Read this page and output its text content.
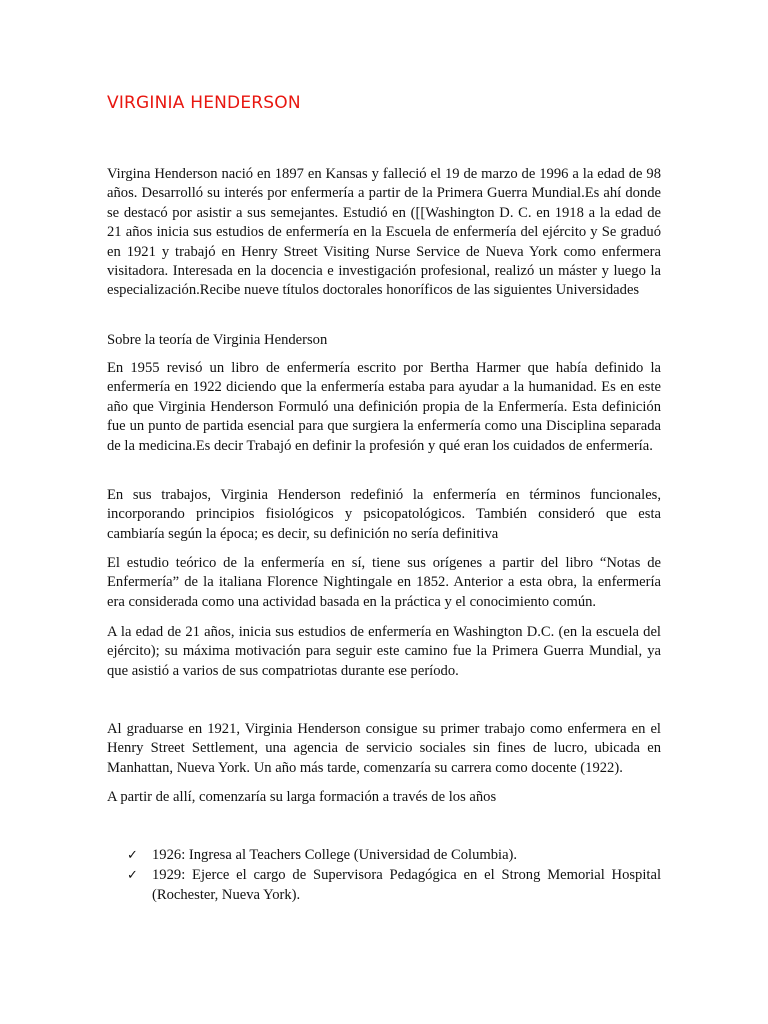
VIRGINIA HENDERSON

Virgina Henderson nació en 1897 en Kansas y falleció el 19 de marzo de 1996 a la edad de 98 años. Desarrolló su interés por enfermería a partir de la Primera Guerra Mundial.Es ahí donde se destacó por asistir a sus semejantes. Estudió en ([[Washington D. C. en 1918 a la edad de 21 años inicia sus estudios de enfermería en la Escuela de enfermería del ejército y Se graduó en 1921 y trabajó en Henry Street Visiting Nurse Service de Nueva York como enfermera visitadora. Interesada en la docencia e investigación profesional, realizó un máster y luego la especialización.Recibe nueve títulos doctorales honoríficos de las siguientes Universidades

Sobre la teoría de Virginia Henderson

En 1955 revisó un libro de enfermería escrito por Bertha Harmer que había definido la enfermería en 1922 diciendo que la enfermería estaba para ayudar a la humanidad. Es en este año que Virginia Henderson Formuló una definición propia de la Enfermería. Esta definición fue un punto de partida esencial para que surgiera la enfermería como una Disciplina separada de la medicina.Es decir Trabajó en definir la profesión y qué eran los cuidados de enfermería.

En sus trabajos, Virginia Henderson redefinió la enfermería en términos funcionales, incorporando principios fisiológicos y psicopatológicos. También consideró que esta cambiaría según la época; es decir, su definición no sería definitiva

El estudio teórico de la enfermería en sí, tiene sus orígenes a partir del libro “Notas de Enfermería” de la italiana Florence Nightingale en 1852. Anterior a esta obra, la enfermería era considerada como una actividad basada en la práctica y el conocimiento común.

A la edad de 21 años, inicia sus estudios de enfermería en Washington D.C. (en la escuela del ejército); su máxima motivación para seguir este camino fue la Primera Guerra Mundial, ya que asistió a varios de sus compatriotas durante ese período.

Al graduarse en 1921, Virginia Henderson consigue su primer trabajo como enfermera en el Henry Street Settlement, una agencia de servicio sociales sin fines de lucro, ubicada en Manhattan, Nueva York. Un año más tarde, comenzaría su carrera como docente (1922).

A partir de allí, comenzaría su larga formación a través de los años

✓ 1926: Ingresa al Teachers College (Universidad de Columbia).
✓ 1929: Ejerce el cargo de Supervisora Pedagógica en el Strong Memorial Hospital (Rochester, Nueva York).
